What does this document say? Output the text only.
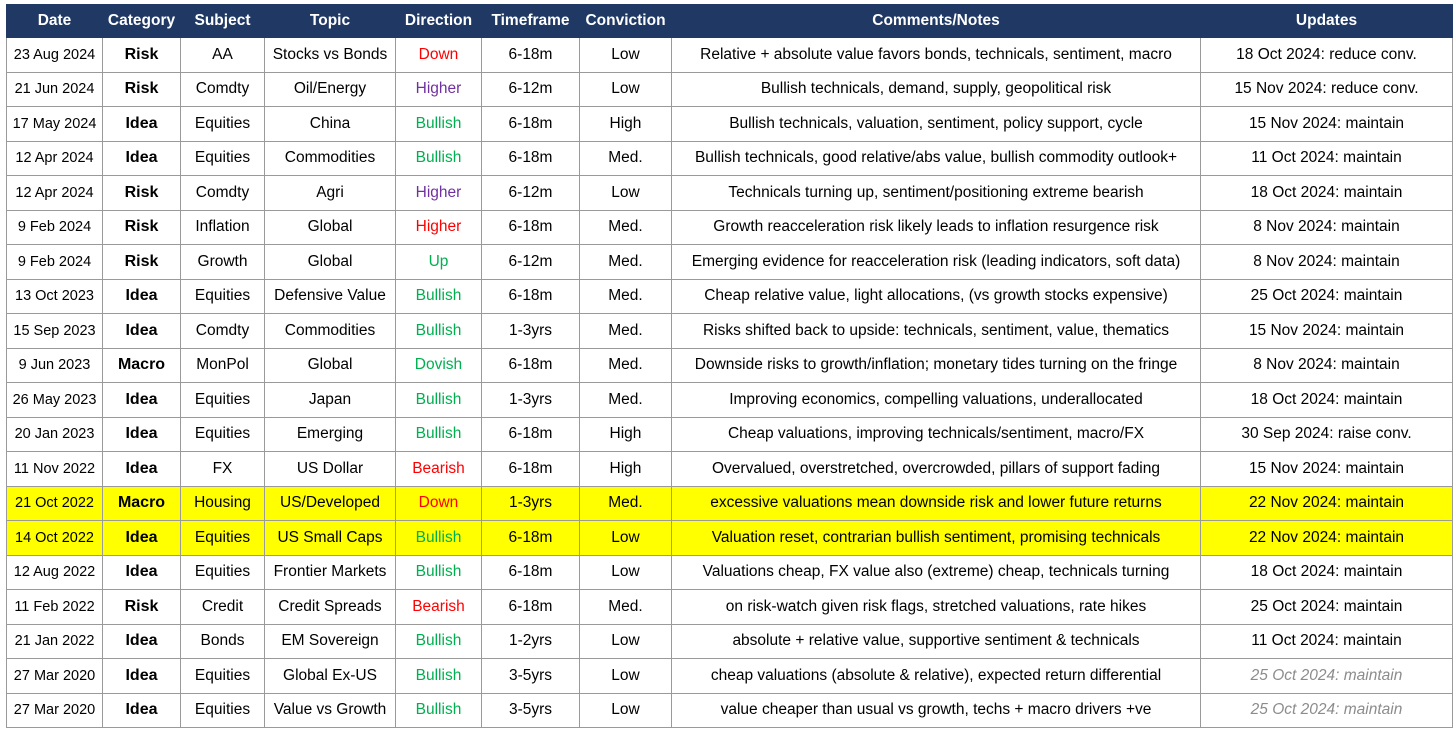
Date	Category	Subject	Topic	Direction	Timeframe	Conviction	Comments/Notes	Updates
23 Aug 2024	Risk	AA	Stocks vs Bonds	Down	6-18m	Low	Relative + absolute value favors bonds, technicals, sentiment, macro	18 Oct 2024: reduce conv.
21 Jun 2024	Risk	Comdty	Oil/Energy	Higher	6-12m	Low	Bullish technicals, demand, supply, geopolitical risk	15 Nov 2024: reduce conv.
17 May 2024	Idea	Equities	China	Bullish	6-18m	High	Bullish technicals, valuation, sentiment, policy support, cycle	15 Nov 2024: maintain
12 Apr 2024	Idea	Equities	Commodities	Bullish	6-18m	Med.	Bullish technicals, good relative/abs value, bullish commodity outlook+	11 Oct 2024: maintain
12 Apr 2024	Risk	Comdty	Agri	Higher	6-12m	Low	Technicals turning up, sentiment/positioning extreme bearish	18 Oct 2024: maintain
9 Feb 2024	Risk	Inflation	Global	Higher	6-18m	Med.	Growth reacceleration risk likely leads to inflation resurgence risk	8 Nov 2024: maintain
9 Feb 2024	Risk	Growth	Global	Up	6-12m	Med.	Emerging evidence for reacceleration risk (leading indicators, soft data)	8 Nov 2024: maintain
13 Oct 2023	Idea	Equities	Defensive Value	Bullish	6-18m	Med.	Cheap relative value, light allocations, (vs growth stocks expensive)	25 Oct 2024: maintain
15 Sep 2023	Idea	Comdty	Commodities	Bullish	1-3yrs	Med.	Risks shifted back to upside: technicals, sentiment, value, thematics	15 Nov 2024: maintain
9 Jun 2023	Macro	MonPol	Global	Dovish	6-18m	Med.	Downside risks to growth/inflation; monetary tides turning on the fringe	8 Nov 2024: maintain
26 May 2023	Idea	Equities	Japan	Bullish	1-3yrs	Med.	Improving economics, compelling valuations, underallocated	18 Oct 2024: maintain
20 Jan 2023	Idea	Equities	Emerging	Bullish	6-18m	High	Cheap valuations, improving technicals/sentiment, macro/FX	30 Sep 2024: raise conv.
11 Nov 2022	Idea	FX	US Dollar	Bearish	6-18m	High	Overvalued, overstretched, overcrowded, pillars of support fading	15 Nov 2024: maintain
21 Oct 2022	Macro	Housing	US/Developed	Down	1-3yrs	Med.	excessive valuations mean downside risk and lower future returns	22 Nov 2024: maintain
14 Oct 2022	Idea	Equities	US Small Caps	Bullish	6-18m	Low	Valuation reset, contrarian bullish sentiment, promising technicals	22 Nov 2024: maintain
12 Aug 2022	Idea	Equities	Frontier Markets	Bullish	6-18m	Low	Valuations cheap, FX value also (extreme) cheap, technicals turning	18 Oct 2024: maintain
11 Feb 2022	Risk	Credit	Credit Spreads	Bearish	6-18m	Med.	on risk-watch given risk flags, stretched valuations, rate hikes	25 Oct 2024: maintain
21 Jan 2022	Idea	Bonds	EM Sovereign	Bullish	1-2yrs	Low	absolute + relative value, supportive sentiment & technicals	11 Oct 2024: maintain
27 Mar 2020	Idea	Equities	Global Ex-US	Bullish	3-5yrs	Low	cheap valuations (absolute & relative), expected return differential	25 Oct 2024: maintain
27 Mar 2020	Idea	Equities	Value vs Growth	Bullish	3-5yrs	Low	value cheaper than usual vs growth, techs + macro drivers +ve	25 Oct 2024: maintain
